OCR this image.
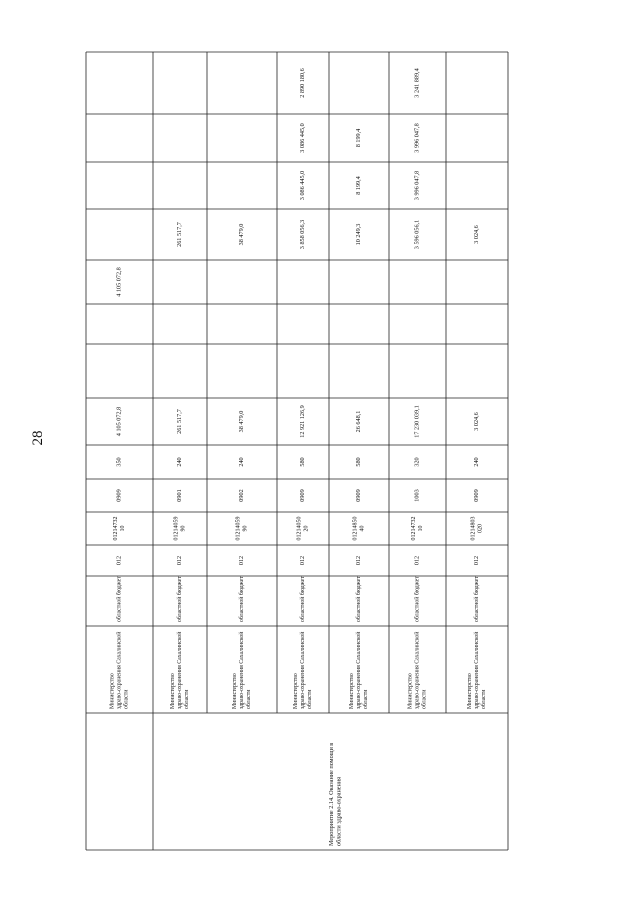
28
Министерствоздраво-охранения Сахалинскойобласти
областной бюджет
012
0121473210
0909
350
4 105 072,8
4 105 072,8
Министерствоздраво-охранения Сахалинскойобласти
областной бюджет
012
0121405990
0901
240
261 517,7
261 517,7
Министерствоздраво-охранения Сахалинскойобласти
областной бюджет
012
0121405990
0902
240
38 479,0
38 479,0
Министерствоздраво-охранения Сахалинскойобласти
областной бюджет
012
0121405020
0909
580
12 921 126,9
3 858 056,3
3 086 445,0
3 086 445,0
2 890 180,6
Мероприятие 2.14. Оказание помощи вобласти здраво-охранения
Министерствоздраво-охранения Сахалинскойобласти
областной бюджет
012
0121485040
0909
580
26 648,1
10 249,3
8 199,4
8 199,4
Министерствоздраво-охранения Сахалинскойобласти
областной бюджет
012
0121473210
1003
320
17 230 039,1
3 596 056,1
3 996 047,8
3 996 047,8
3 241 889,4
Министерствоздраво-охранения Сахалинскойобласти
областной бюджет
012
01214803020
0909
240
3 024,6
3 024,6
